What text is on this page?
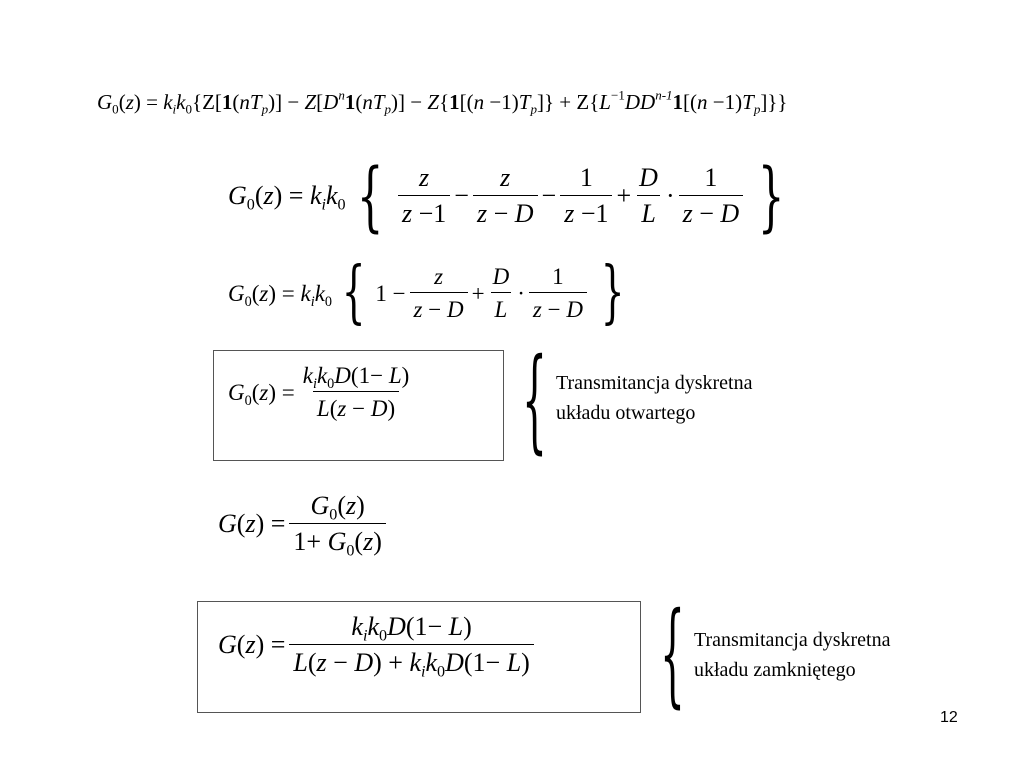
$G_0(z) = k_ik_0\{Z[1(nT_p)] - Z[D^n1(nT_p)] - Z\{1[(n -1)T_p]\} + Z\{L^{-1}DD^{n-1}1[(n -1)T_p]\}\}$
$G_0(z) = k_ik_0$ { $\frac{z}{z -1} - \frac{z}{z - D} - \frac{1}{z -1} + \frac{D}{L} \cdot \frac{1}{z - D}$ }
$G_0(z) = k_ik_0$ { $1 - \frac{z}{z - D} + \frac{D}{L} \cdot \frac{1}{z - D}$ }
$G_0(z) = \frac{k_ik_0D(1- L)}{L(z - D)}$ { Transmitancja dyskretna
układu otwartego
$G(z) = \frac{G_0(z)}{1+ G_0(z)}$
$G(z) = \frac{k_ik_0D(1- L)}{L(z - D) + k_ik_0D(1- L)}$ { Transmitancja dyskretna
układu zamkniętego
12
